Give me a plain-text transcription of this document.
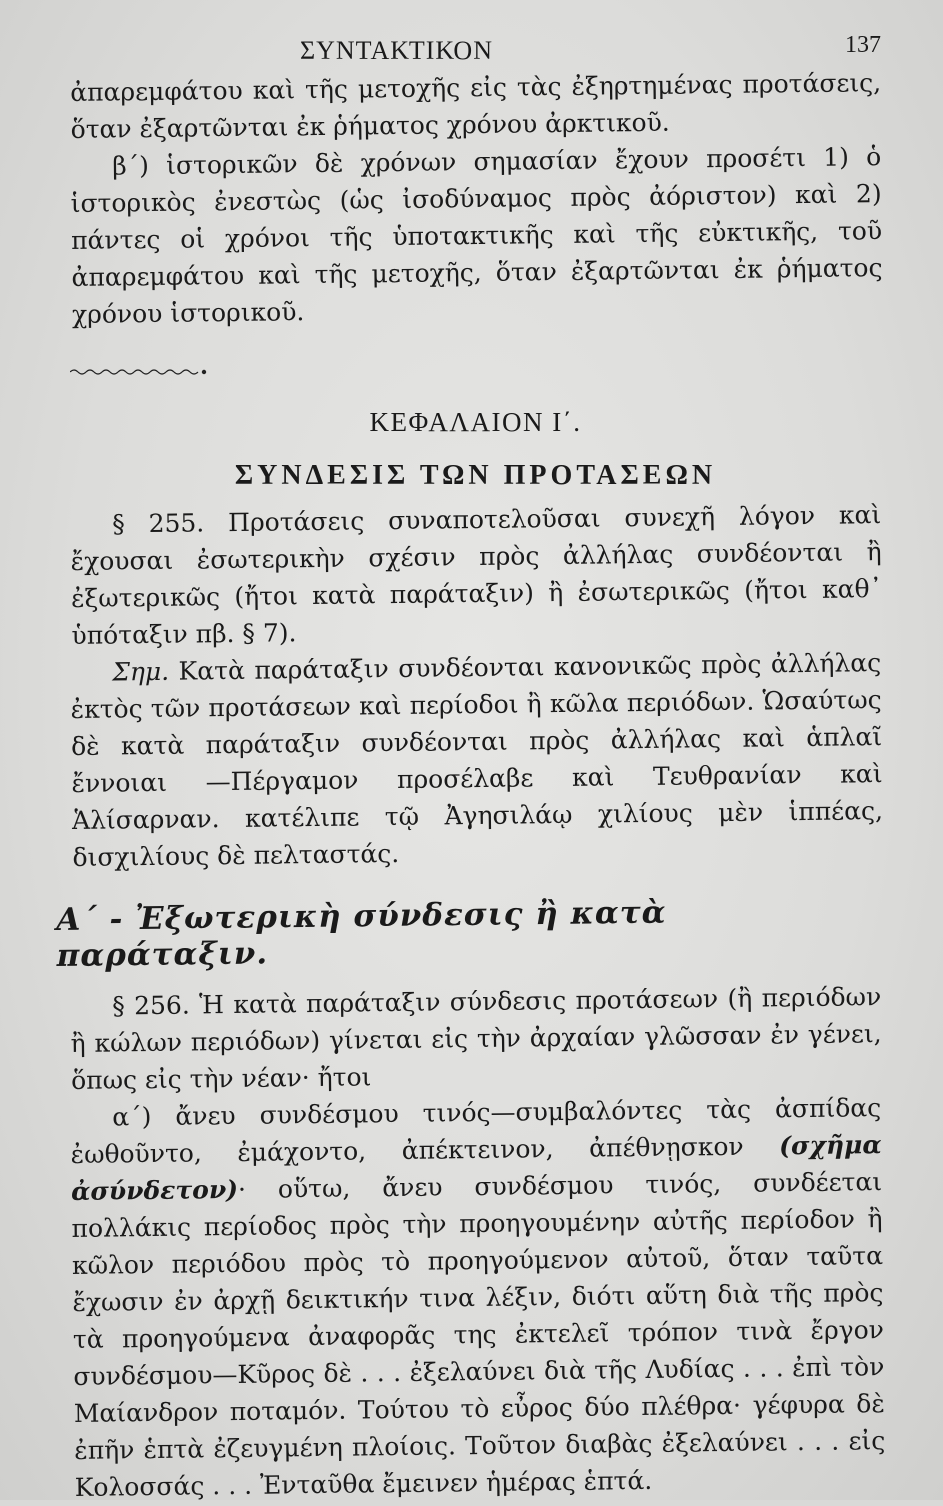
ΣΥΝΤΑΚΤΙΚΟΝ	137

ἀπαρεμφάτου καὶ τῆς μετοχῆς εἰς τὰς ἐξηρτημένας προτάσεις, ὅταν ἐξαρτῶνται ἐκ ῥήματος χρόνου ἀρκτικοῦ.

β΄) ἱστορικῶν δὲ χρόνων σημασίαν ἔχουν προσέτι 1) ὁ ἱστορικὸς ἐνεστὼς (ὡς ἰσοδύναμος πρὸς ἀόριστον) καὶ 2) πάντες οἱ χρόνοι τῆς ὑποτακτικῆς καὶ τῆς εὐκτικῆς, τοῦ ἀπαρεμφάτου καὶ τῆς μετοχῆς, ὅταν ἐξαρτῶνται ἐκ ῥήματος χρόνου ἱστορικοῦ.

ΚΕΦΑΛΑΙΟΝ Ι΄.
ΣΥΝΔΕΣΙΣ ΤΩΝ ΠΡΟΤΑΣΕΩΝ

§ 255. Προτάσεις συναποτελοῦσαι συνεχῆ λόγον καὶ ἔχουσαι ἐσωτερικὴν σχέσιν πρὸς ἀλλήλας συνδέονται ἢ ἐξωτερικῶς (ἤτοι κατὰ παράταξιν) ἢ ἐσωτερικῶς (ἤτοι καθ᾽ ὑπόταξιν πβ. § 7).

Σημ. Κατὰ παράταξιν συνδέονται κανονικῶς πρὸς ἀλλήλας ἐκτὸς τῶν προτάσεων καὶ περίοδοι ἢ κῶλα περιόδων. Ὡσαύτως δὲ κατὰ παράταξιν συνδέονται πρὸς ἀλλήλας καὶ ἁπλαῖ ἔννοιαι —Πέργαμον προσέλαβε καὶ Τευθρανίαν καὶ Ἁλίσαρναν. κατέλιπε τῷ Ἀγησιλάῳ χιλίους μὲν ἱππέας, δισχιλίους δὲ πελταστάς.

Α΄ - Ἐξωτερικὴ σύνδεσις ἢ κατὰ παράταξιν.

§ 256. Ἡ κατὰ παράταξιν σύνδεσις προτάσεων (ἢ περιόδων ἢ κώλων περιόδων) γίνεται εἰς τὴν ἀρχαίαν γλῶσσαν ἐν γένει, ὅπως εἰς τὴν νέαν· ἤτοι

α΄) ἄνευ συνδέσμου τινός—συμβαλόντες τὰς ἀσπίδας ἐωθοῦντο, ἐμάχοντο, ἀπέκτεινον, ἀπέθνῃσκον (σχῆμα ἀσύνδετον)· οὕτω, ἄνευ συνδέσμου τινός, συνδέεται πολλάκις περίοδος πρὸς τὴν προηγουμένην αὐτῆς περίοδον ἢ κῶλον περιόδου πρὸς τὸ προηγούμενον αὐτοῦ, ὅταν ταῦτα ἔχωσιν ἐν ἀρχῇ δεικτικήν τινα λέξιν, διότι αὕτη διὰ τῆς πρὸς τὰ προηγούμενα ἀναφορᾶς της ἐκτελεῖ τρόπον τινὰ ἔργον συνδέσμου—Κῦρος δὲ . . . ἐξελαύνει διὰ τῆς Λυδίας . . . ἐπὶ τὸν Μαίανδρον ποταμόν. Τούτου τὸ εὖρος δύο πλέθρα· γέφυρα δὲ ἐπῆν ἑπτὰ ἐζευγμένη πλοίοις. Τοῦτον διαβὰς ἐξελαύνει . . . εἰς Κολοσσάς . . . Ἐνταῦθα ἔμεινεν ἡμέρας ἑπτά.
